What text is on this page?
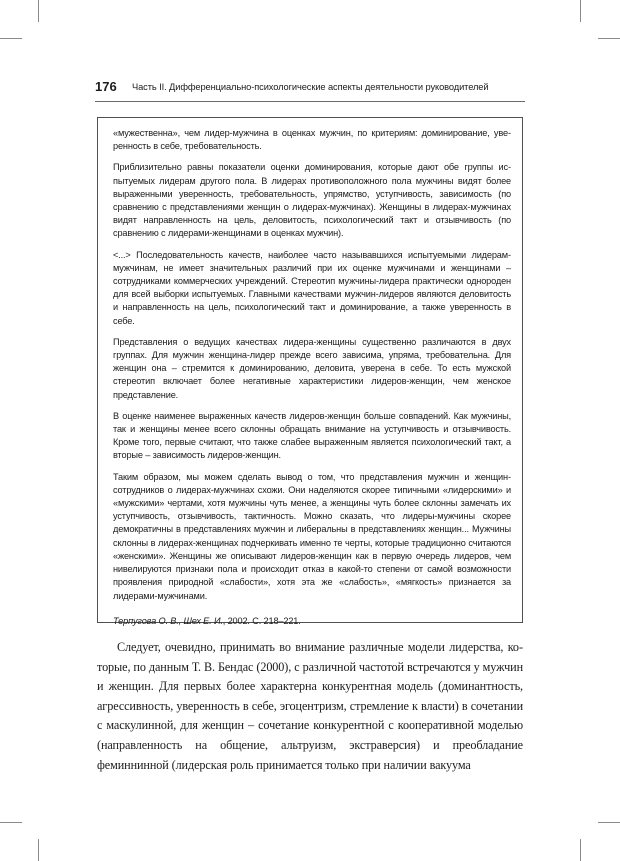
176 Часть II. Дифференциально-психологические аспекты деятельности руководителей

«мужественна», чем лидер-мужчина в оценках мужчин, по критериям: доминирование, уверенность в себе, требовательность.

Приблизительно равны показатели оценки доминирования, которые дают обе группы испытуемых лидерам другого пола. В лидерах противоположного пола мужчины видят более выраженными уверенность, требовательность, упрямство, уступчивость, зависимость (по сравнению с представлениями женщин о лидерах-мужчинах). Женщины в лидерах-мужчинах видят направленность на цель, деловитость, психологический такт и отзывчивость (по сравнению с лидерами-женщинами в оценках мужчин).

<...> Последовательность качеств, наиболее часто называвшихся испытуемыми лидераммужчинам, не имеет значительных различий при их оценке мужчинами и женщинами – сотрудниками коммерческих учреждений. Стереотип мужчины-лидера практически однороден для всей выборки испытуемых. Главными качествами мужчин-лидеров являются деловитость и направленность на цель, психологический такт и доминирование, а также уверенность в себе.

Представления о ведущих качествах лидера-женщины существенно различаются в двух группах. Для мужчин женщина-лидер прежде всего зависима, упряма, требовательна. Для женщин она – стремится к доминированию, деловита, уверена в себе. То есть мужской стереотип включает более негативные характеристики лидеров-женщин, чем женское представление.

В оценке наименее выраженных качеств лидеров-женщин больше совпадений. Как мужчины, так и женщины менее всего склонны обращать внимание на уступчивость и отзывчивость. Кроме того, первые считают, что также слабее выраженным является психологический такт, а вторые – зависимость лидеров-женщин.

Таким образом, мы можем сделать вывод о том, что представления мужчин и женщинсотрудников о лидерах-мужчинах схожи. Они наделяются скорее типичными «лидерскими» и «мужскими» чертами, хотя мужчины чуть менее, а женщины чуть более склонны замечать их уступчивость, отзывчивость, тактичность. Можно сказать, что лидеры-мужчины скорее демократичны в представлениях мужчин и либеральны в представлениях женщин... Мужчины склонны в лидерах-женщинах подчеркивать именно те черты, которые традиционно считаются «женскими». Женщины же описывают лидеров-женщин как в первую очередь лидеров, чем нивелируются признаки пола и происходит отказ в какой-то степени от самой возможности проявления природной «слабости», хотя эта же «слабость», «мягкость» признается за лидерами-мужчинами.

Терпугова О. В., Шех Е. И., 2002. С. 218–221.

Следует, очевидно, принимать во внимание различные модели лидерства, которые, по данным Т. В. Бендас (2000), с различной частотой встречаются у мужчин и женщин. Для первых более характерна конкурентная модель (доминантность, агрессивность, уверенность в себе, эгоцентризм, стремление к власти) в сочетании с маскулинной, для женщин – сочетание конкурентной с кооперативной моделью (направленность на общение, альтруизм, экстраверсия) и преобладание феминнинной (лидерская роль принимается только при наличии вакуума
